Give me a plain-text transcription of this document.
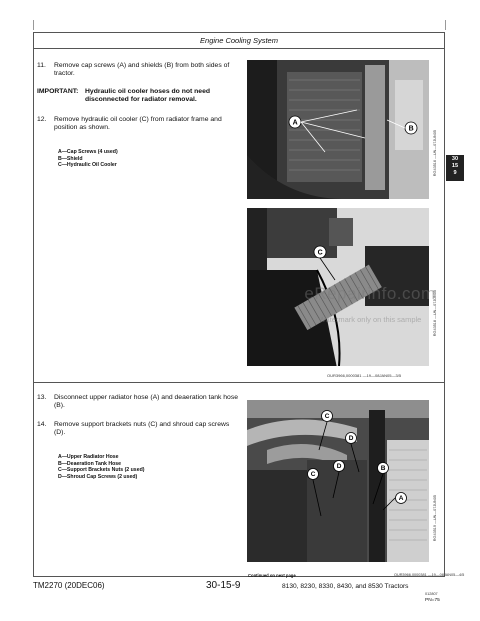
Engine Cooling System
11. Remove cap screws (A) and shields (B) from both sides of tractor.
IMPORTANT: Hydraulic oil cooler hoses do not need disconnected for radiator removal.
12. Remove hydraulic oil cooler (C) from radiator frame and position as shown.
A—Cap Screws (4 used)
B—Shield
C—Hydraulic Oil Cooler
A
B
RG43516 —UN—07JUN05
C
RG43518 —UN—07JUN05
OUR3966,0000381 —19—08JAN05—3/5
13. Disconnect upper radiator hose (A) and deaeration tank hose (B).
14. Remove support brackets nuts (C) and shroud cap screws (D).
A—Upper Radiator Hose
B—Deaeration Tank Hose
C—Support Brackets Nuts (2 used)
D—Shroud Cap Screws (2 used)
C
D
D
C
B
A	RG43519 —UN—07JUN05
30
15
9
eRepairinfo.com
Watermark only on this sample
Continued on next page	OUR3966,0000381 —19—08JAN05—4/5
TM2270 (20DEC06)	30-15-9	8130, 8230, 8330, 8430, and 8530 Tractors
012807
PN=75
